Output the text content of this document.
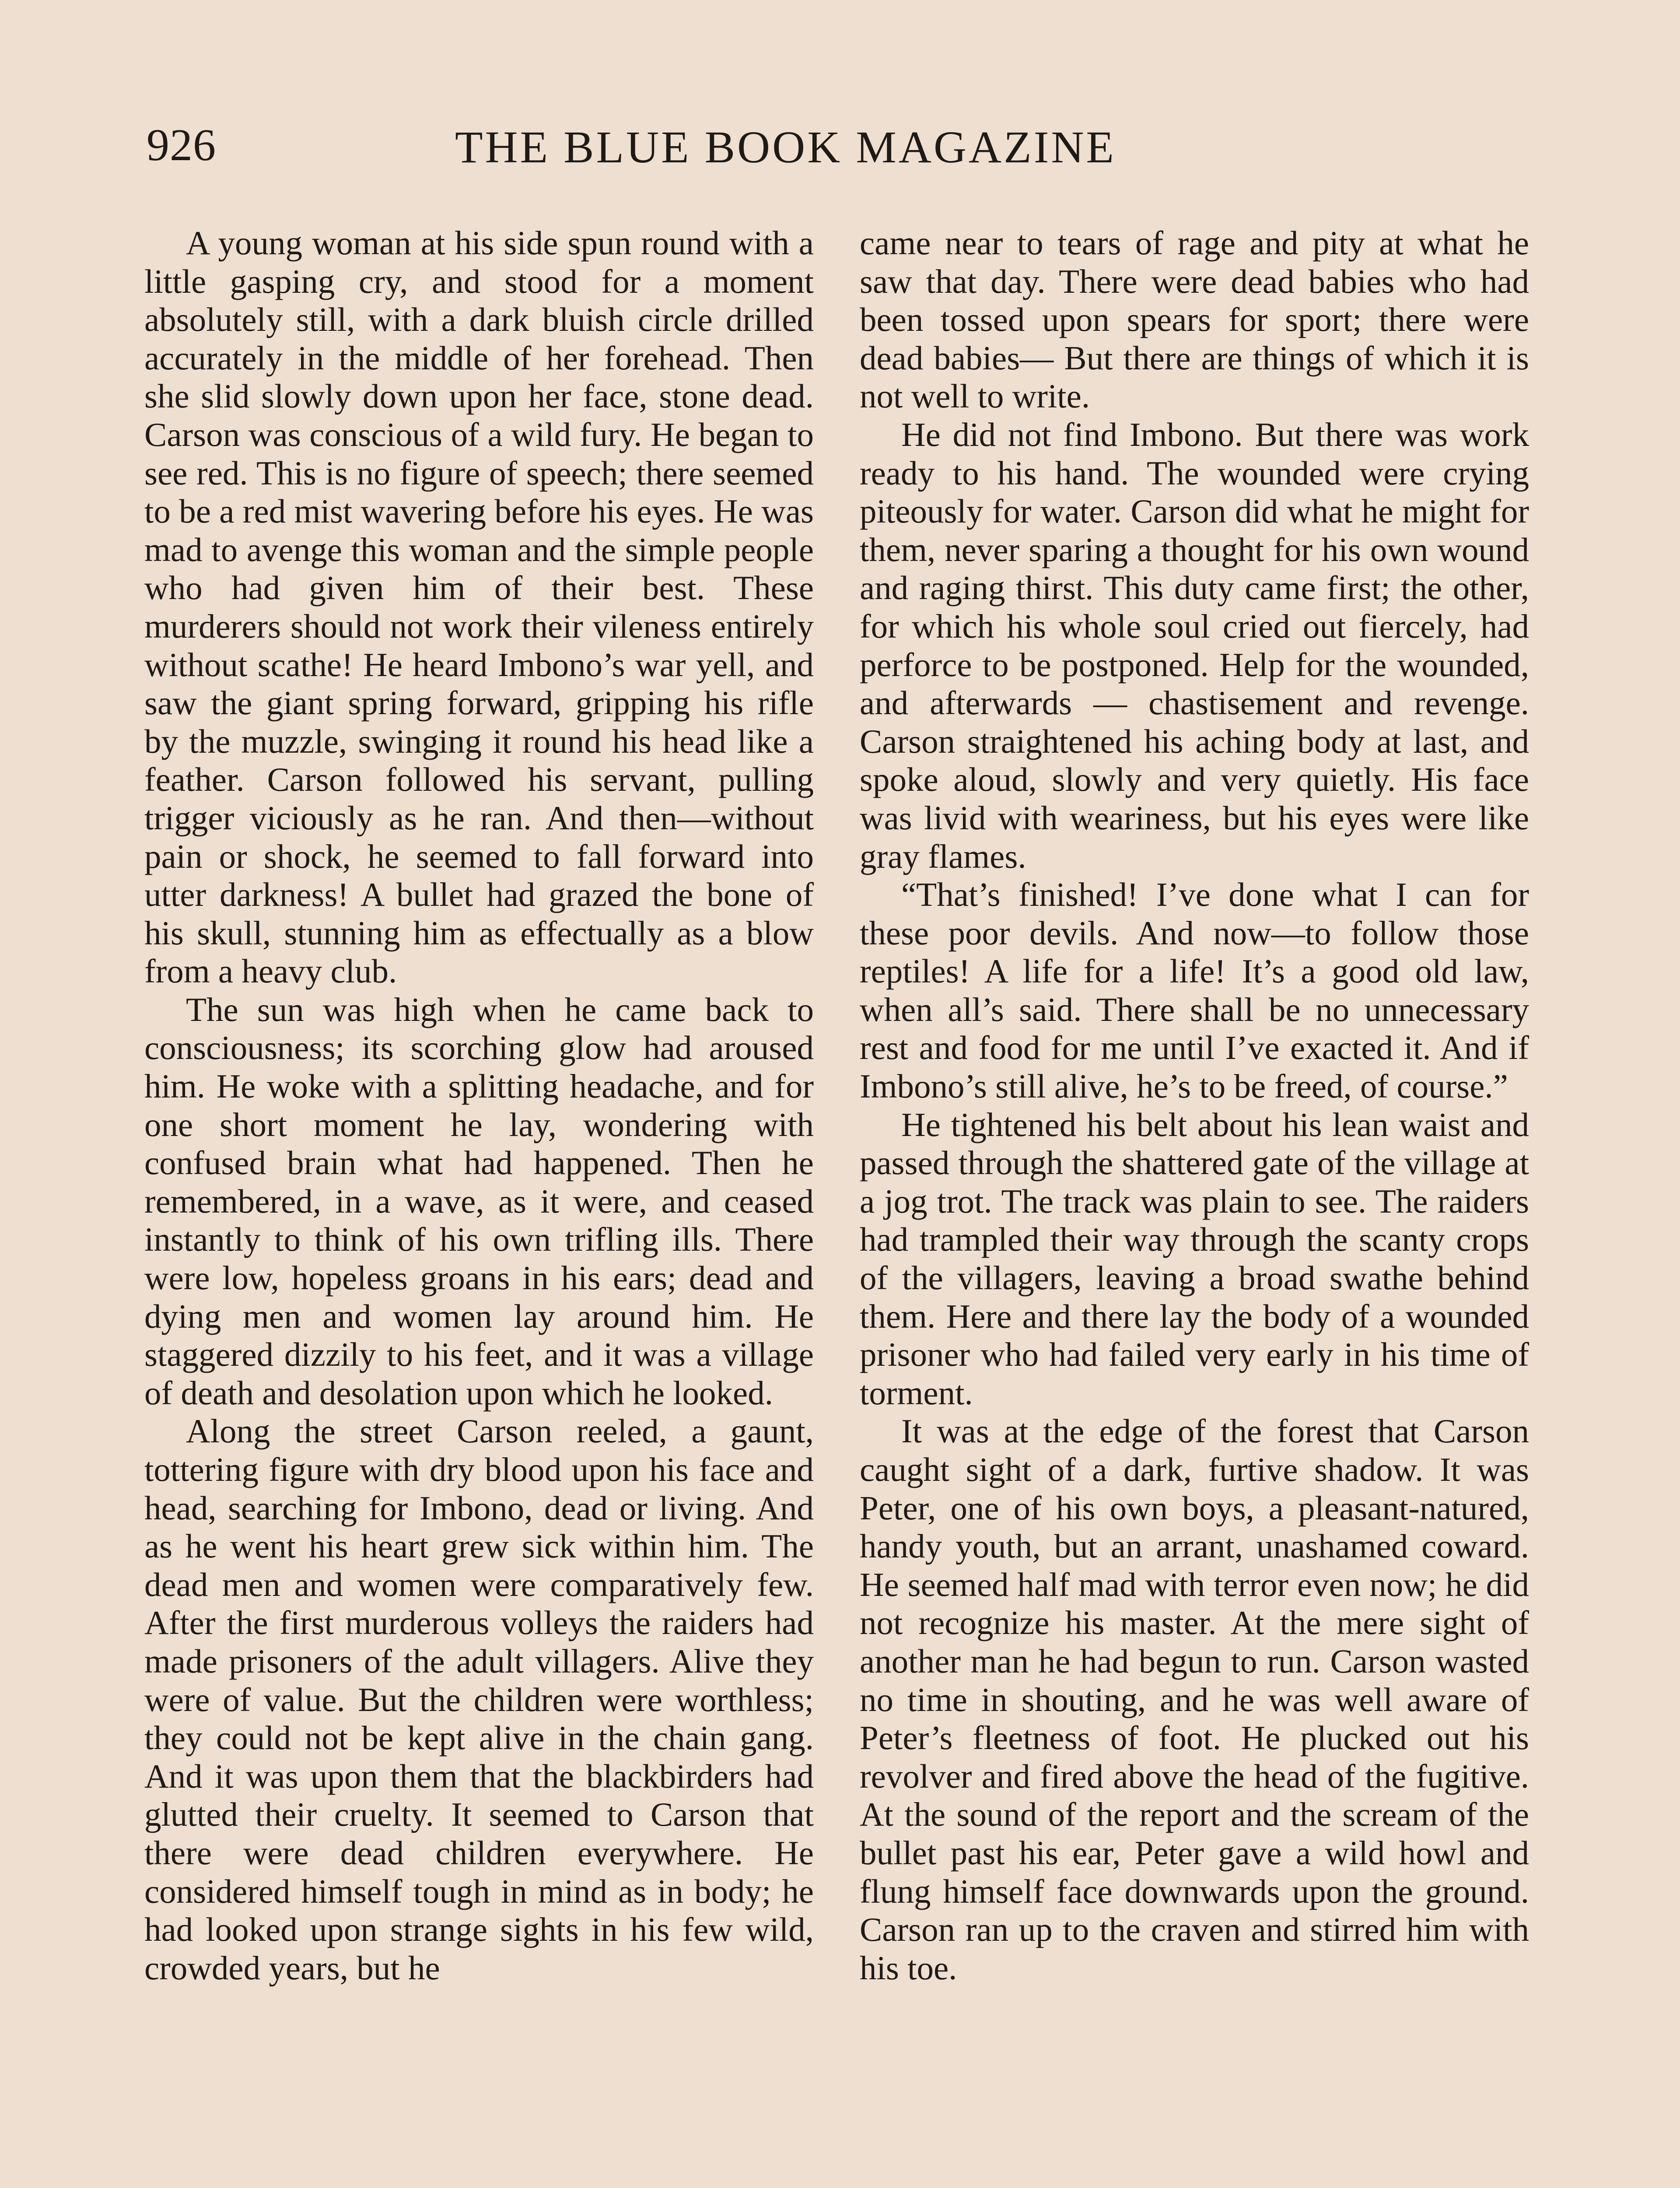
926	THE BLUE BOOK MAGAZINE

A young woman at his side spun round with a little gasping cry, and stood for a moment absolutely still, with a dark bluish circle drilled accurately in the middle of her forehead. Then she slid slowly down upon her face, stone dead. Carson was conscious of a wild fury. He began to see red. This is no figure of speech; there seemed to be a red mist wavering before his eyes. He was mad to avenge this woman and the simple people who had given him of their best. These murderers should not work their vileness entirely without scathe! He heard Imbono’s war yell, and saw the giant spring forward, gripping his rifle by the muzzle, swinging it round his head like a feather. Carson followed his servant, pulling trigger viciously as he ran. And then—without pain or shock, he seemed to fall forward into utter darkness! A bullet had grazed the bone of his skull, stunning him as effectually as a blow from a heavy club.

The sun was high when he came back to consciousness; its scorching glow had aroused him. He woke with a splitting headache, and for one short moment he lay, wondering with confused brain what had happened. Then he remembered, in a wave, as it were, and ceased instantly to think of his own trifling ills. There were low, hopeless groans in his ears; dead and dying men and women lay around him. He staggered dizzily to his feet, and it was a village of death and desolation upon which he looked.

Along the street Carson reeled, a gaunt, tottering figure with dry blood upon his face and head, searching for Imbono, dead or living. And as he went his heart grew sick within him. The dead men and women were comparatively few. After the first murderous volleys the raiders had made prisoners of the adult villagers. Alive they were of value. But the children were worthless; they could not be kept alive in the chain gang. And it was upon them that the blackbirders had glutted their cruelty. It seemed to Carson that there were dead children everywhere. He considered himself tough in mind as in body; he had looked upon strange sights in his few wild, crowded years, but he

came near to tears of rage and pity at what he saw that day. There were dead babies who had been tossed upon spears for sport; there were dead babies— But there are things of which it is not well to write.

He did not find Imbono. But there was work ready to his hand. The wounded were crying piteously for water. Carson did what he might for them, never sparing a thought for his own wound and raging thirst. This duty came first; the other, for which his whole soul cried out fiercely, had perforce to be postponed. Help for the wounded, and afterwards — chastisement and revenge. Carson straightened his aching body at last, and spoke aloud, slowly and very quietly. His face was livid with weariness, but his eyes were like gray flames.

“That’s finished! I’ve done what I can for these poor devils. And now—to follow those reptiles! A life for a life! It’s a good old law, when all’s said. There shall be no unnecessary rest and food for me until I’ve exacted it. And if Imbono’s still alive, he’s to be freed, of course.”

He tightened his belt about his lean waist and passed through the shattered gate of the village at a jog trot. The track was plain to see. The raiders had trampled their way through the scanty crops of the villagers, leaving a broad swathe behind them. Here and there lay the body of a wounded prisoner who had failed very early in his time of torment.

It was at the edge of the forest that Carson caught sight of a dark, furtive shadow. It was Peter, one of his own boys, a pleasant-natured, handy youth, but an arrant, unashamed coward. He seemed half mad with terror even now; he did not recognize his master. At the mere sight of another man he had begun to run. Carson wasted no time in shouting, and he was well aware of Peter’s fleetness of foot. He plucked out his revolver and fired above the head of the fugitive. At the sound of the report and the scream of the bullet past his ear, Peter gave a wild howl and flung himself face downwards upon the ground. Carson ran up to the craven and stirred him with his toe.
